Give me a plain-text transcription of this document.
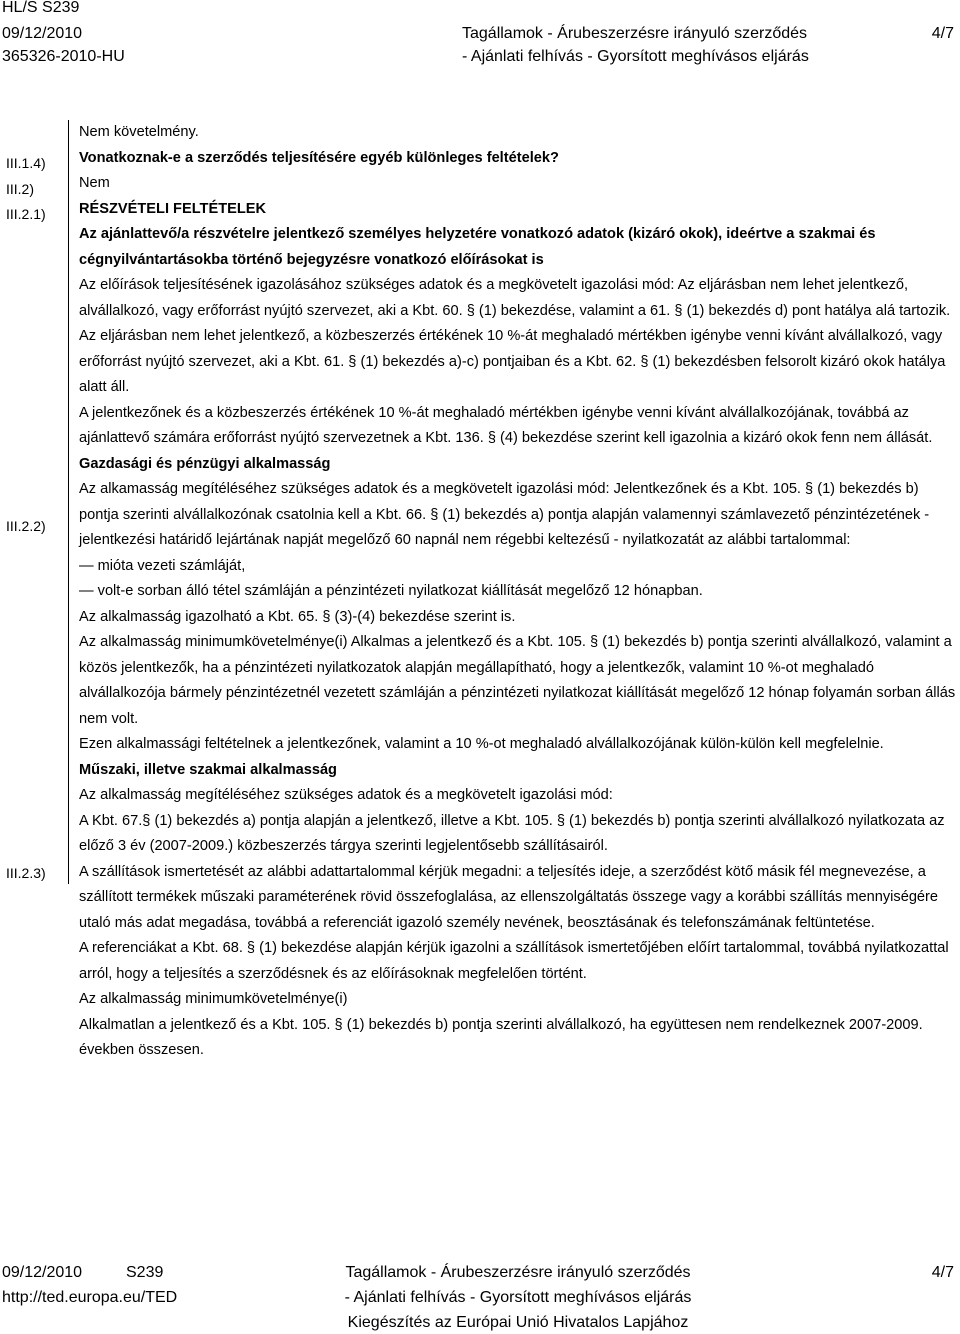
HL/S S239
09/12/2010
365326-2010-HU
Tagállamok - Árubeszerzésre irányuló szerződés
- Ajánlati felhívás - Gyorsított meghívásos eljárás
4/7
III.1.4)
III.2)
III.2.1)
III.2.2)
III.2.3)

Nem követelmény.

Vonatkoznak-e a szerződés teljesítésére egyéb különleges feltételek?

Nem

RÉSZVÉTELI FELTÉTELEK

Az ajánlattevő/a részvételre jelentkező személyes helyzetére vonatkozó adatok (kizáró okok), ideértve a szakmai és cégnyilvántartásokba történő bejegyzésre vonatkozó előírásokat is

Az előírások teljesítésének igazolásához szükséges adatok és a megkövetelt igazolási mód: Az eljárásban nem lehet jelentkező, alvállalkozó, vagy erőforrást nyújtó szervezet, aki a Kbt. 60. § (1) bekezdése, valamint a 61. § (1) bekezdés d) pont hatálya alá tartozik.

Az eljárásban nem lehet jelentkező, a közbeszerzés értékének 10 %-át meghaladó mértékben igénybe venni kívánt alvállalkozó, vagy erőforrást nyújtó szervezet, aki a Kbt. 61. § (1) bekezdés a)-c) pontjaiban és a Kbt. 62. § (1) bekezdésben felsorolt kizáró okok hatálya alatt áll.

A jelentkezőnek és a közbeszerzés értékének 10 %-át meghaladó mértékben igénybe venni kívánt alvállalkozójának, továbbá az ajánlattevő számára erőforrást nyújtó szervezetnek a Kbt. 136. § (4) bekezdése szerint kell igazolnia a kizáró okok fenn nem állását.

Gazdasági és pénzügyi alkalmasság

Az alkamasság megítéléséhez szükséges adatok és a megkövetelt igazolási mód: Jelentkezőnek és a Kbt. 105. § (1) bekezdés b) pontja szerinti alvállalkozónak csatolnia kell a Kbt. 66. § (1) bekezdés a) pontja alapján valamennyi számlavezető pénzintézetének - jelentkezési határidő lejártának napját megelőző 60 napnál nem régebbi keltezésű - nyilatkozatát az alábbi tartalommal:

— mióta vezeti számláját,

— volt-e sorban álló tétel számláján a pénzintézeti nyilatkozat kiállítását megelőző 12 hónapban.

Az alkalmasság igazolható a Kbt. 65. § (3)-(4) bekezdése szerint is.

Az alkalmasság minimumkövetelménye(i) Alkalmas a jelentkező és a Kbt. 105. § (1) bekezdés b) pontja szerinti alvállalkozó, valamint a közös jelentkezők, ha a pénzintézeti nyilatkozatok alapján megállapítható, hogy a jelentkezők, valamint 10 %-ot meghaladó alvállalkozója bármely pénzintézetnél vezetett számláján a pénzintézeti nyilatkozat kiállítását megelőző 12 hónap folyamán sorban állás nem volt.

Ezen alkalmassági feltételnek a jelentkezőnek, valamint a 10 %-ot meghaladó alvállalkozójának külön-külön kell megfelelnie.

Műszaki, illetve szakmai alkalmasság

Az alkalmasság megítéléséhez szükséges adatok és a megkövetelt igazolási mód:

A Kbt. 67.§ (1) bekezdés a) pontja alapján a jelentkező, illetve a Kbt. 105. § (1) bekezdés b) pontja szerinti alvállalkozó nyilatkozata az előző 3 év (2007-2009.) közbeszerzés tárgya szerinti legjelentősebb szállításairól.

A szállítások ismertetését az alábbi adattartalommal kérjük megadni: a teljesítés ideje, a szerződést kötő másik fél megnevezése, a szállított termékek műszaki paraméterének rövid összefoglalása, az ellenszolgáltatás összege vagy a korábbi szállítás mennyiségére utaló más adat megadása, továbbá a referenciát igazoló személy nevének, beosztásának és telefonszámának feltüntetése.

A referenciákat a Kbt. 68. § (1) bekezdése alapján kérjük igazolni a szállítások ismertetőjében előírt tartalommal, továbbá nyilatkozattal arról, hogy a teljesítés a szerződésnek és az előírásoknak megfelelően történt.

Az alkalmasság minimumkövetelménye(i)

Alkalmatlan a jelentkező és a Kbt. 105. § (1) bekezdés b) pontja szerinti alvállalkozó, ha együttesen nem rendelkeznek 2007-2009. években összesen.

09/12/2010	S239
http://ted.europa.eu/TED
Tagállamok - Árubeszerzésre irányuló szerződés
- Ajánlati felhívás - Gyorsított meghívásos eljárás
Kiegészítés az Európai Unió Hivatalos Lapjához
4/7
